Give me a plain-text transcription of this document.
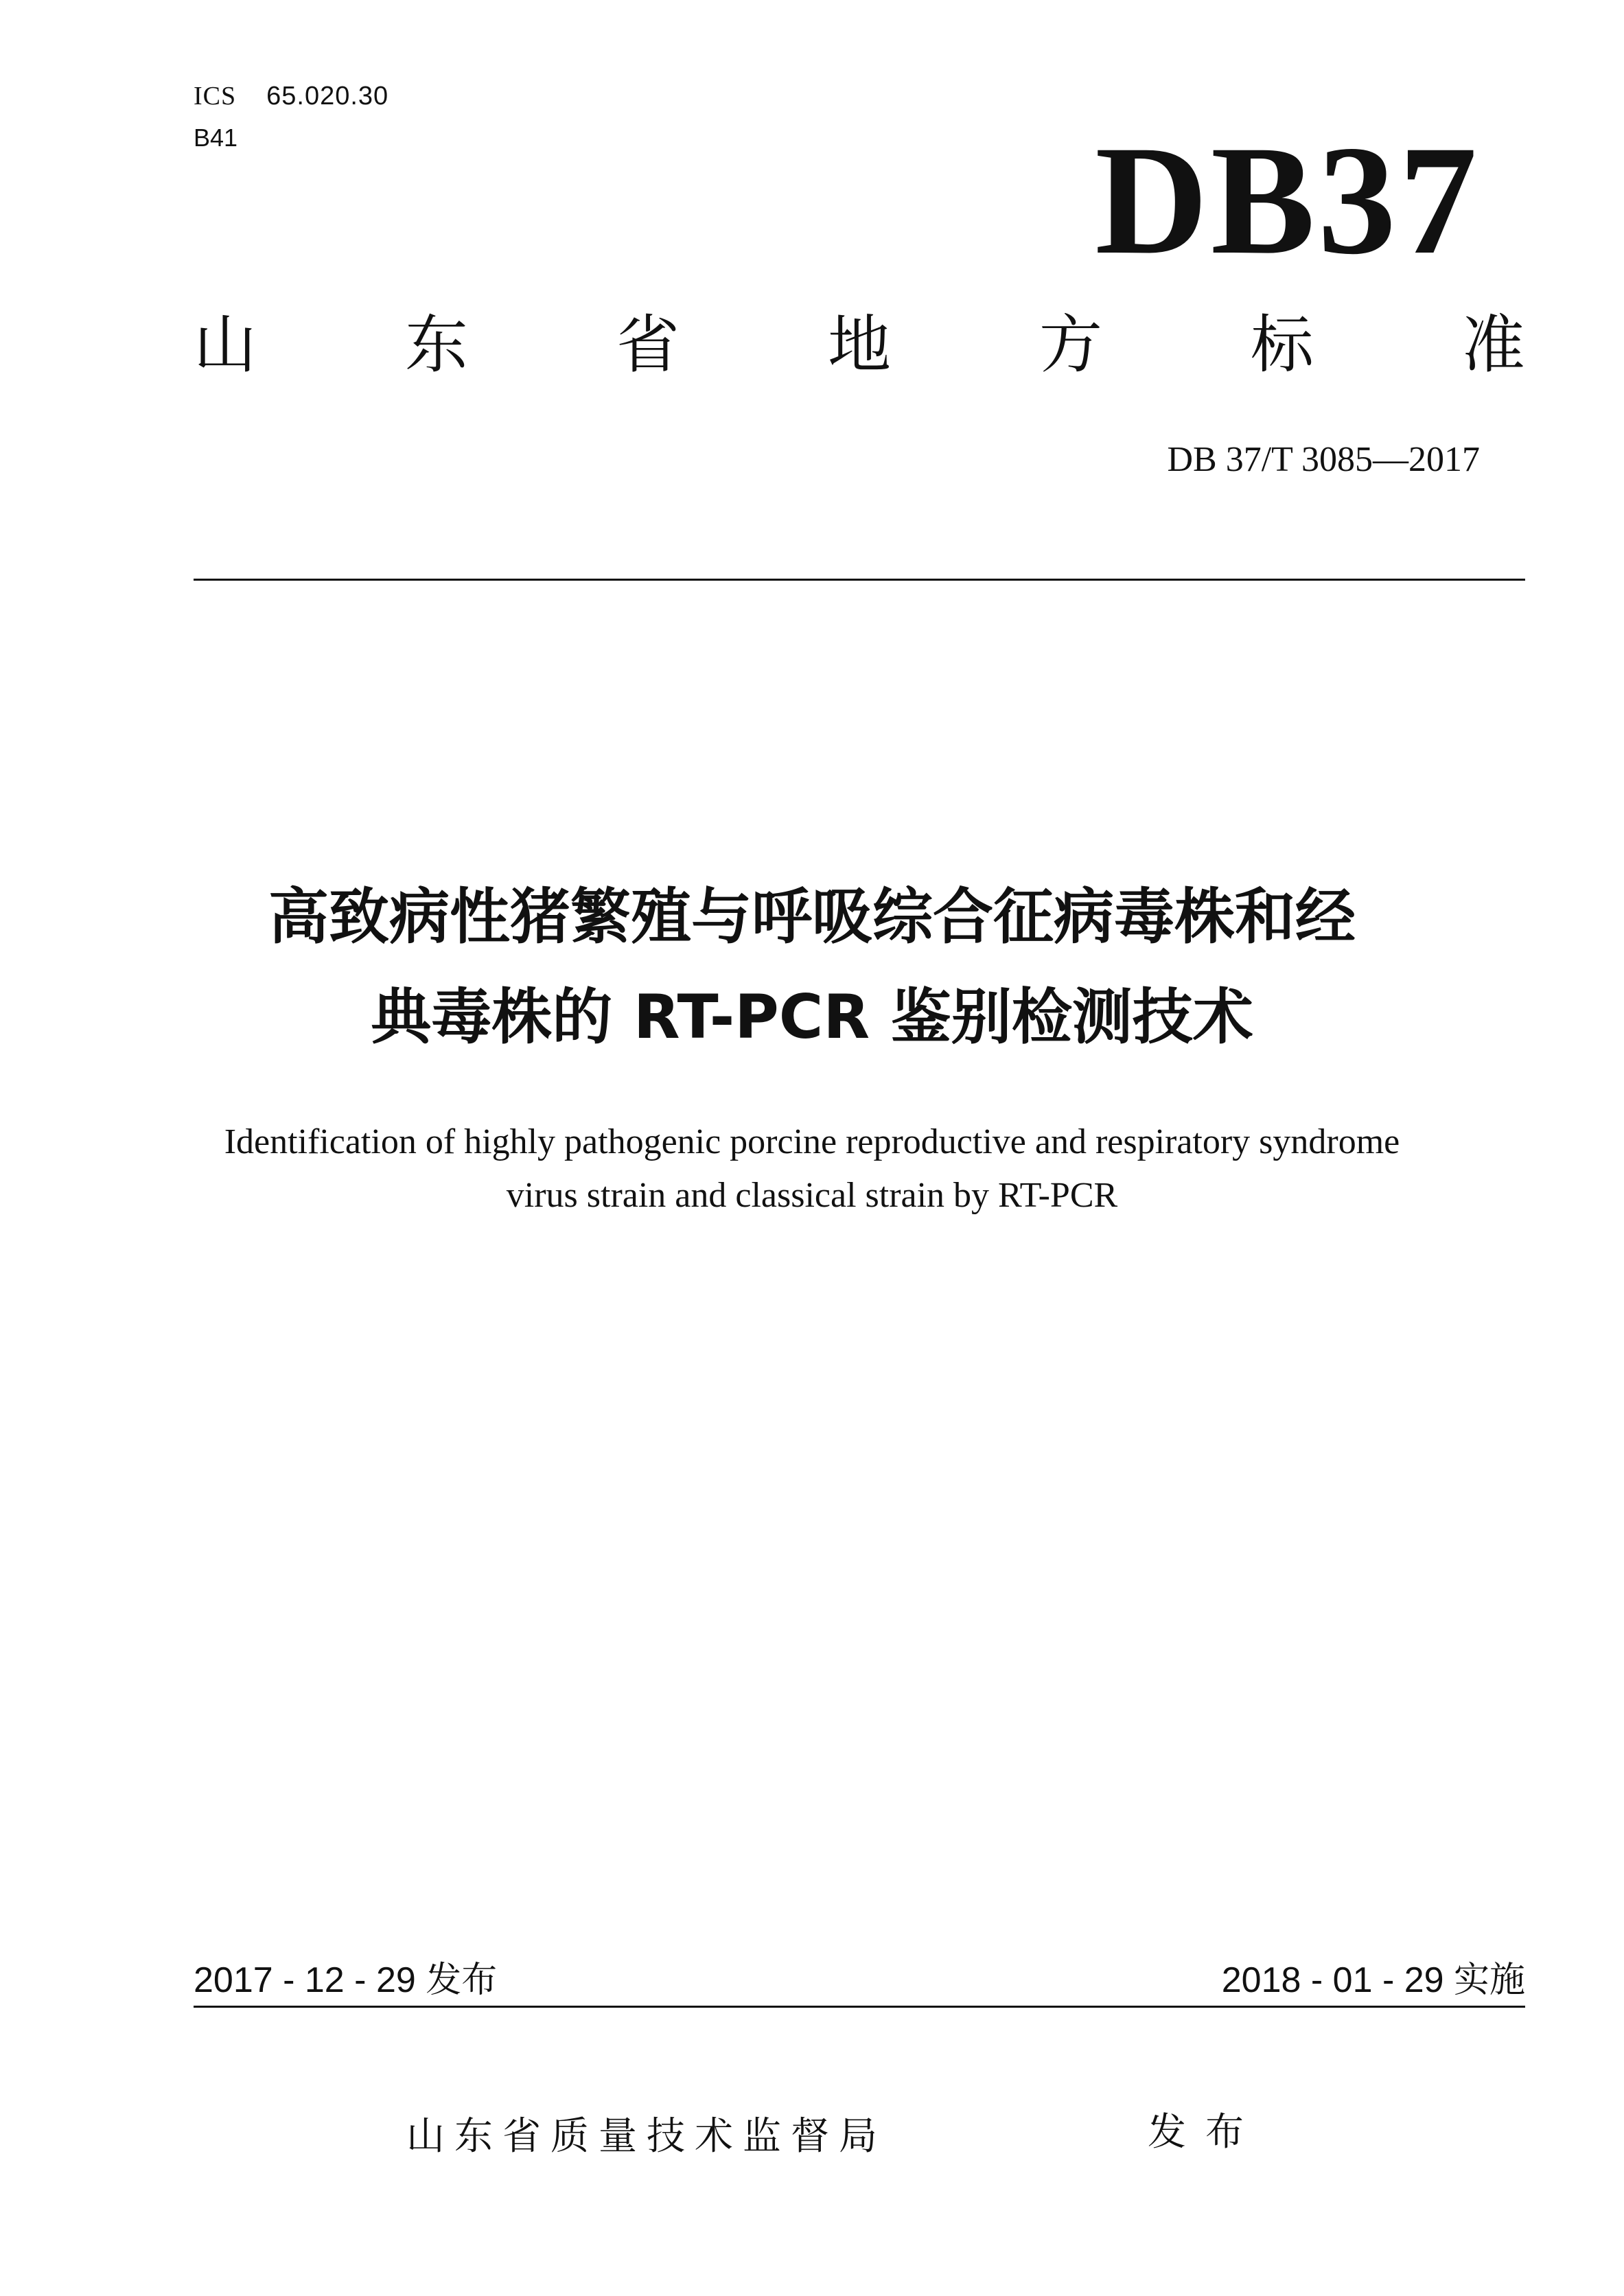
ICS 65.020.30
B41	DB37
山 东 省 地 方 标 准
DB 37/T 3085—2017
高致病性猪繁殖与呼吸综合征病毒株和经
典毒株的 RT-PCR 鉴别检测技术
Identification of highly pathogenic porcine reproductive and respiratory syndrome
virus strain and classical strain by RT-PCR
2017 - 12 - 29 发布	2018 - 01 - 29 实施
山东省质量技术监督局	发布
